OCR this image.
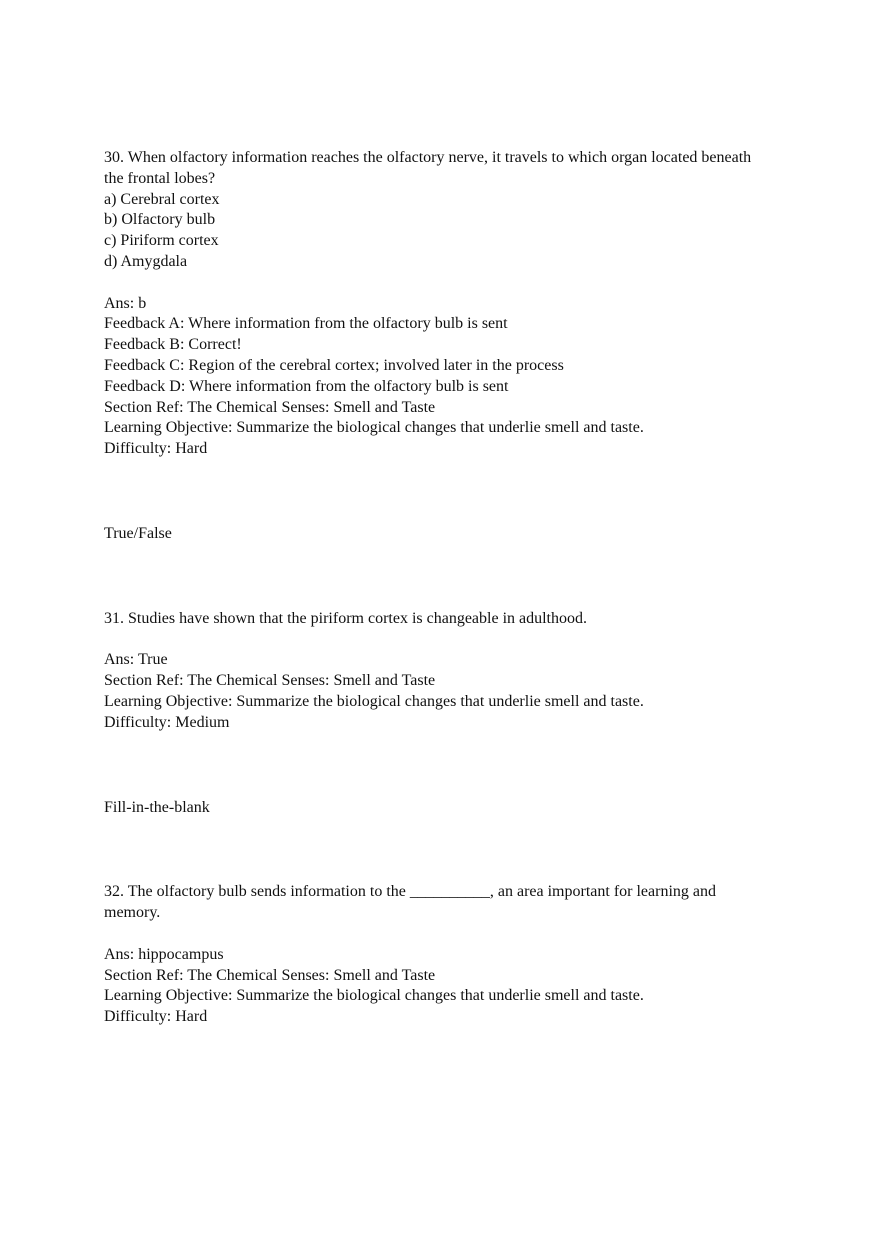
30. When olfactory information reaches the olfactory nerve, it travels to which organ located beneath the frontal lobes?

a) Cerebral cortex

b) Olfactory bulb

c) Piriform cortex

d) Amygdala

Ans: b

Feedback A: Where information from the olfactory bulb is sent

Feedback B: Correct!

Feedback C: Region of the cerebral cortex; involved later in the process

Feedback D: Where information from the olfactory bulb is sent

Section Ref: The Chemical Senses: Smell and Taste

Learning Objective: Summarize the biological changes that underlie smell and taste.

Difficulty: Hard

True/False

31. Studies have shown that the piriform cortex is changeable in adulthood.

Ans: True

Section Ref: The Chemical Senses: Smell and Taste

Learning Objective: Summarize the biological changes that underlie smell and taste.

Difficulty: Medium

Fill-in-the-blank

32. The olfactory bulb sends information to the __________, an area important for learning and memory.

Ans: hippocampus

Section Ref: The Chemical Senses: Smell and Taste

Learning Objective: Summarize the biological changes that underlie smell and taste.

Difficulty: Hard
